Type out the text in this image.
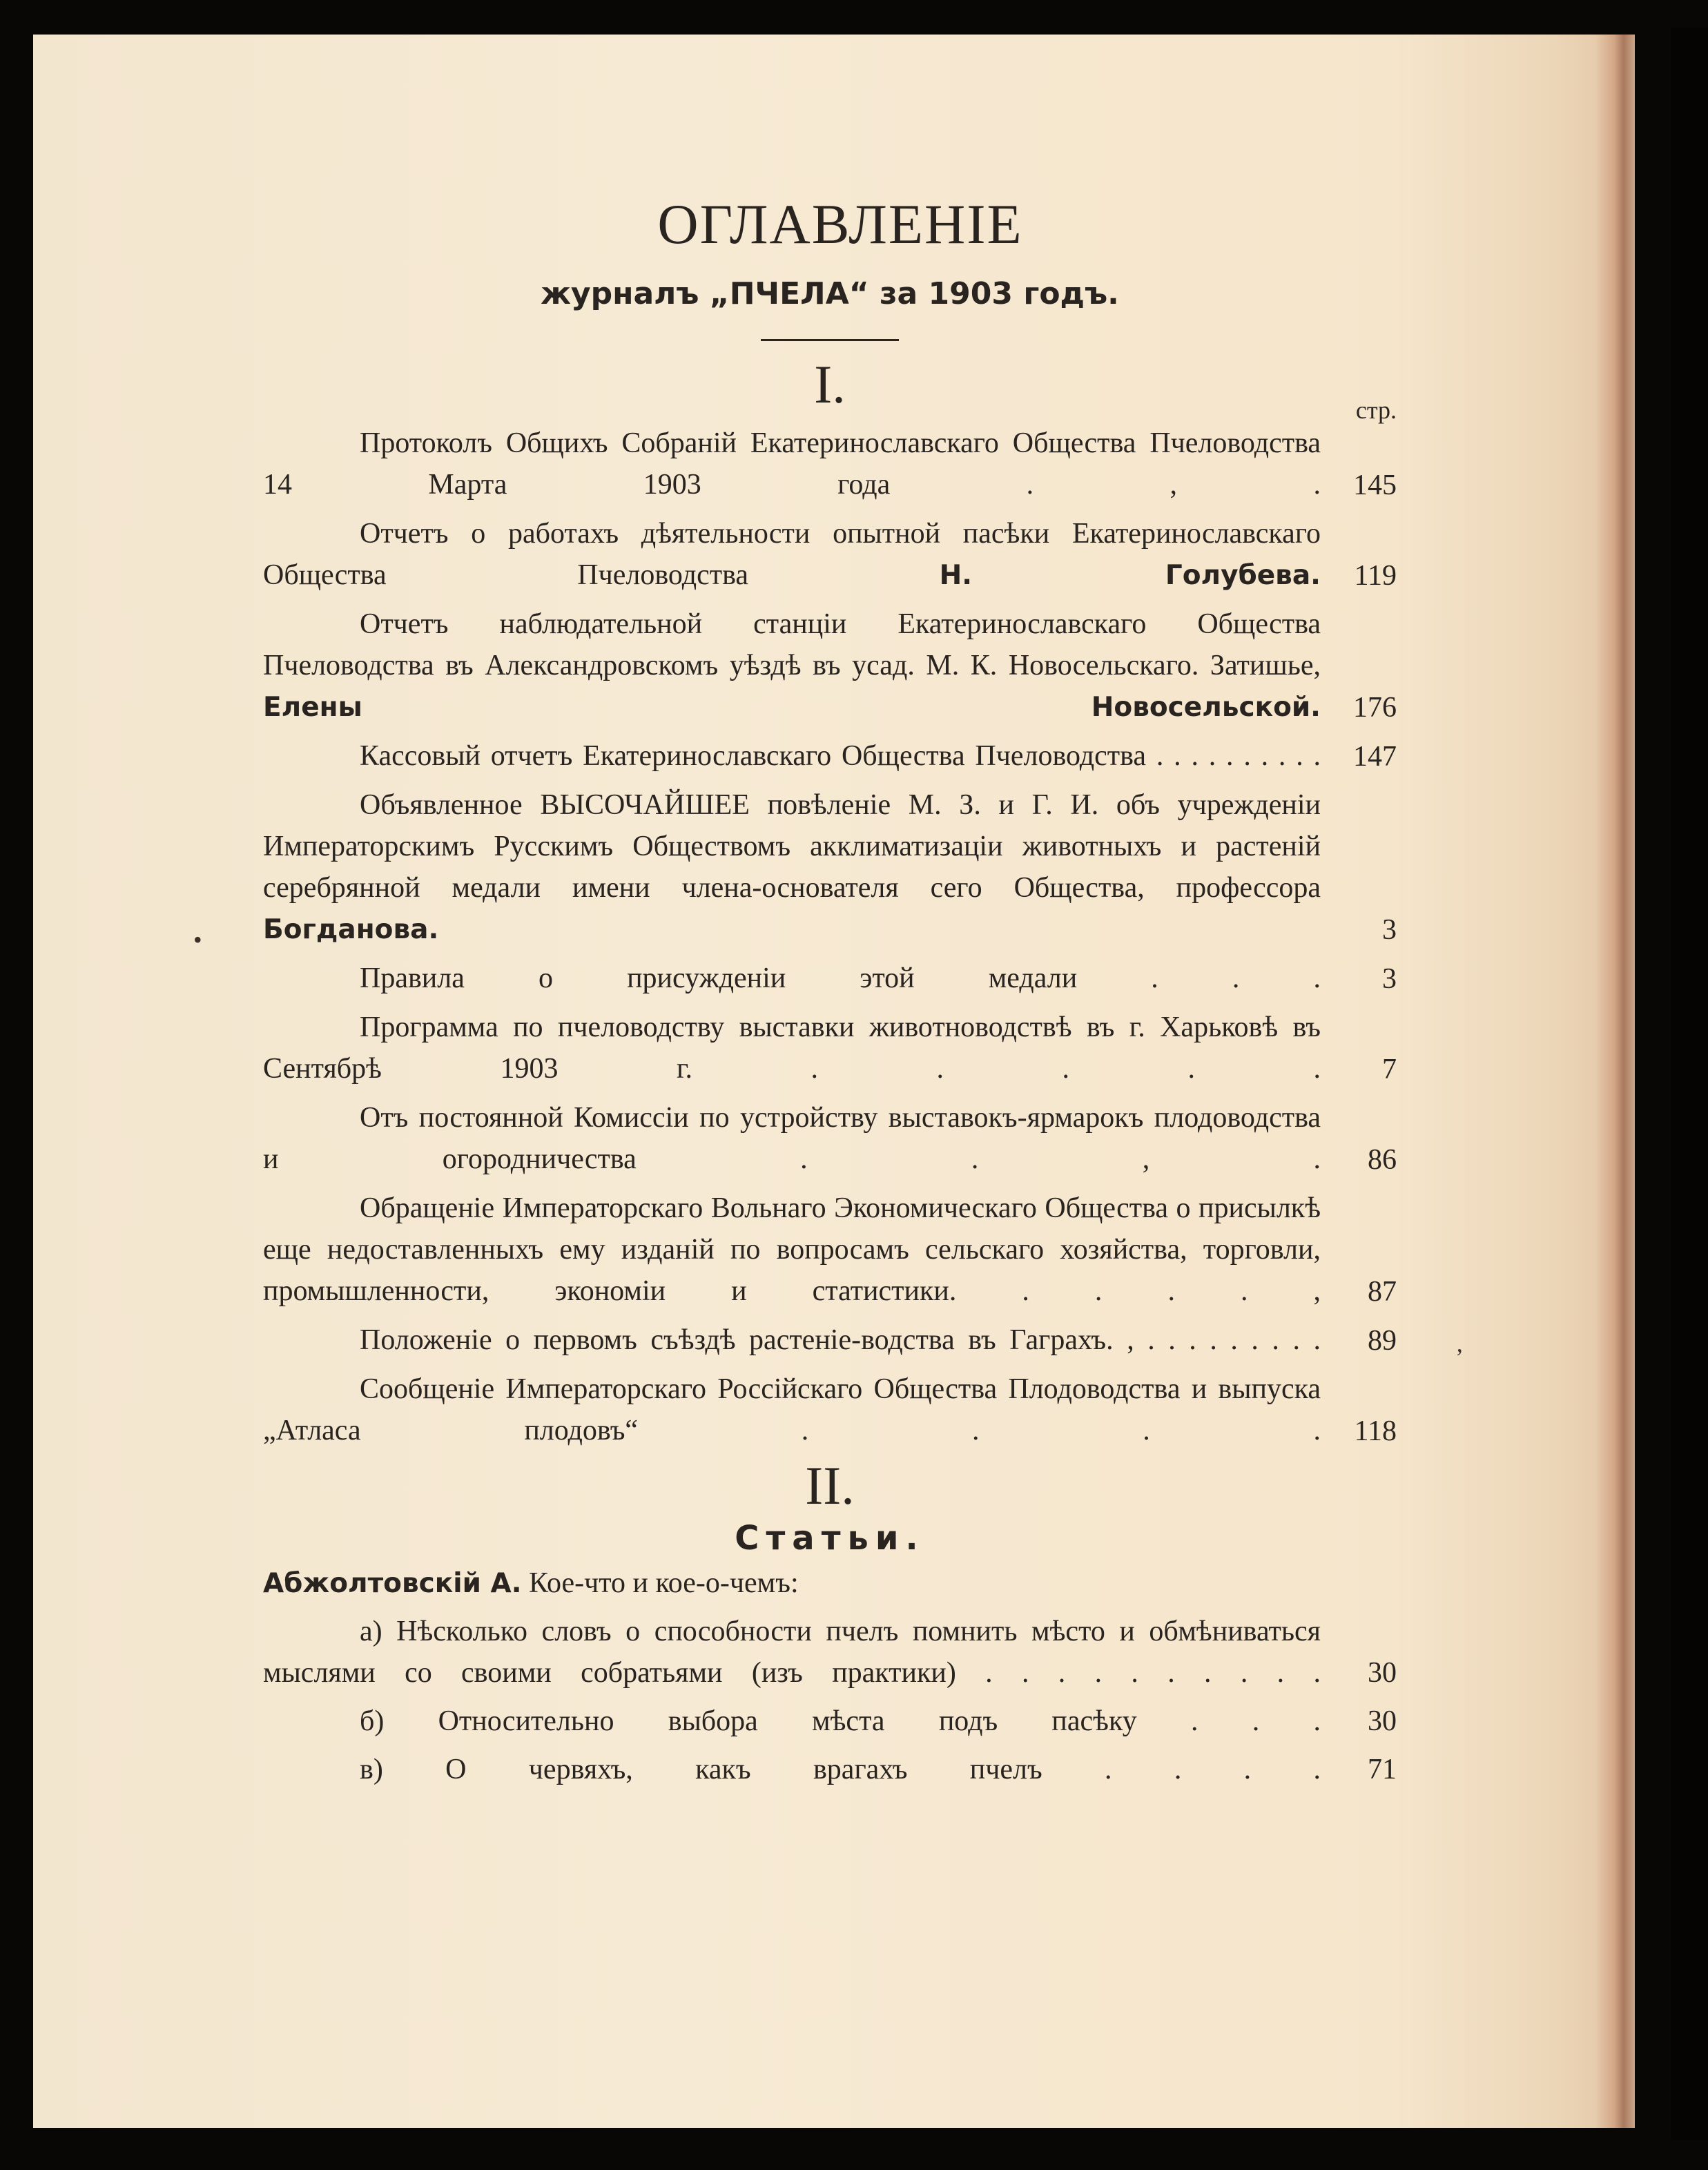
•
ʼ
ОГЛАВЛЕНІЕ
журналъ „ПЧЕЛА“ за 1903 годъ.
I.	стр.
Протоколъ Общихъ Собраній Екатеринославскаго Общества Пчеловодства 14 Марта 1903 года . , . 145
Отчетъ о работахъ дѣятельности опытной пасѣки Екатеринославскаго Общества Пчеловодства	Н. Голубева. 119
Отчетъ наблюдательной станціи Екатеринославскаго Общества Пчеловодства въ Александровскомъ уѣздѣ въ усад. М. К. Новосельскаго. Затишье, Елены Новосельской. 176
Кассовый отчетъ Екатеринославскаго Общества Пчеловодства . . . . . . . . . . 147
Объявленное ВЫСОЧАЙШЕЕ повѣленіе М. З. и Г. И. объ учрежденіи Императорскимъ Русскимъ Обществомъ акклиматизаціи животныхъ и растеній серебрянной медали имени члена-основателя сего Общества, профессора Богданова.	3
Правила о присужденіи этой медали . . . 3
Программа по пчеловодству выставки животноводствѣ въ г. Харьковѣ въ Сентябрѣ 1903 г. . . . . . 7
Отъ постоянной Комиссіи по устройству выставокъ-ярмарокъ плодоводства и огородничества . . , . 86
Обращеніе Императорскаго Вольнаго Экономическаго Общества о присылкѣ еще недоставленныхъ ему изданій по вопросамъ сельскаго хозяйства, торговли, промышленности, экономіи и статистики. . . . . , 87
Положеніе о первомъ съѣздѣ растеніе-водства въ Гаграхъ. , . . . . . . . . . 89
Сообщеніе Императорскаго Россійскаго Общества Плодоводства и выпуска „Атласа плодовъ“ . . . . 118
II.
Статьи.
Абжолтовскій А. Кое-что и кое-о-чемъ:
а) Нѣсколько словъ о способности пчелъ помнить мѣсто и обмѣниваться мыслями со своими собратьями (изъ практики) . . . . . . . . . . 30
б) Относительно выбора мѣста подъ пасѣку . . . 30
в) О червяхъ, какъ врагахъ пчелъ . . . . 71
